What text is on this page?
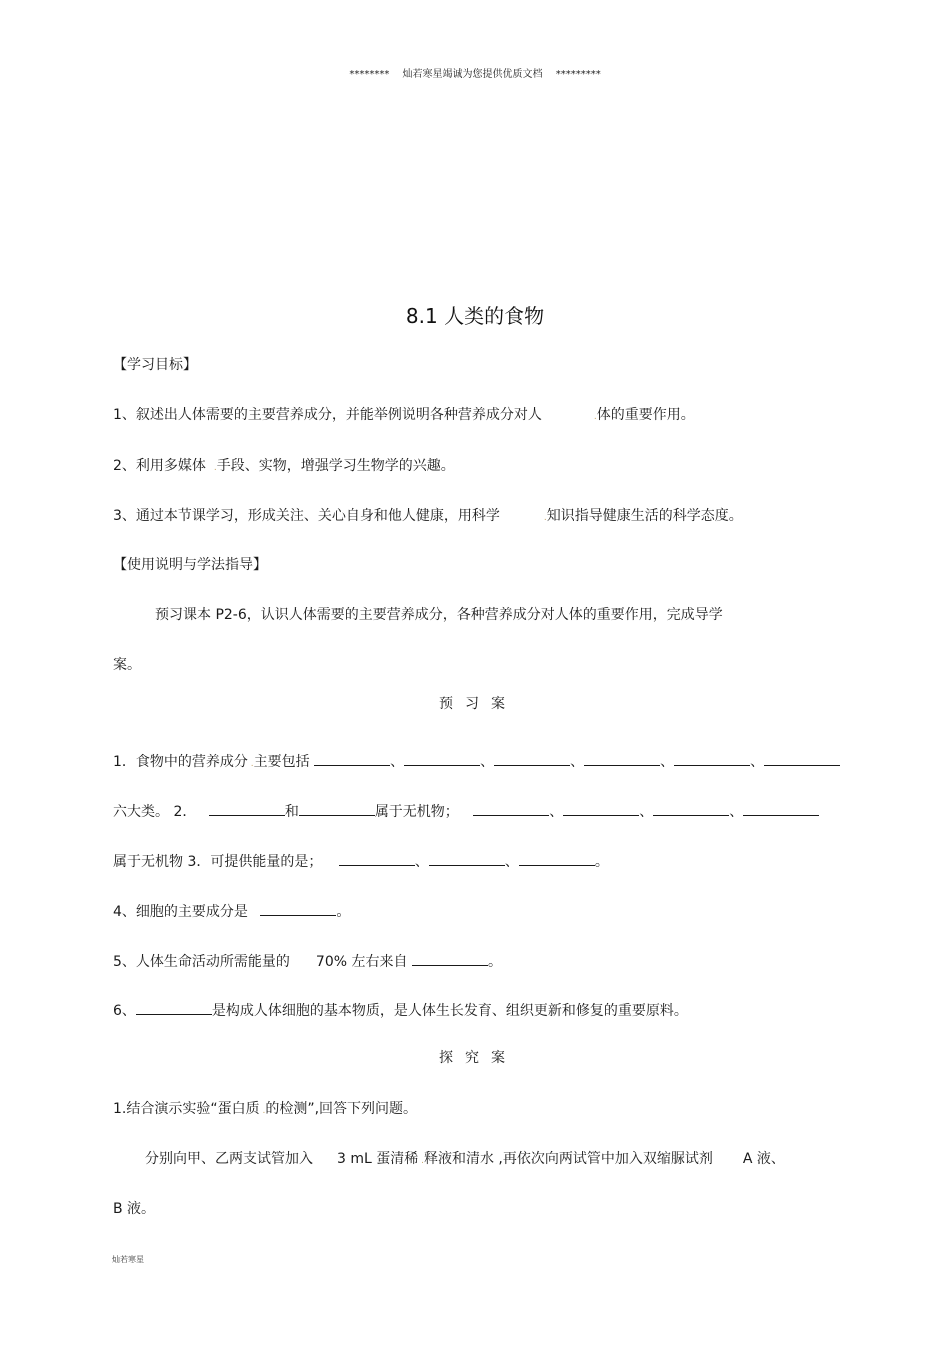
******** 灿若寒星竭诚为您提供优质文档 *********
8.1 人类的食物
【学习目标】
1、叙述出人体需要的主要营养成分，并能举例说明各种营养成分对人	.体的重要作用。
2、利用多媒体 .手段、实物，增强学习生物学的兴趣。
3、通过本节课学习，形成关注、关心自身和他人健康，用科学	.知识指导健康生活的科学态度。
【使用说明与学法指导】
预习课本 P2-6，认识人体需要的主要营养成分，各种营养成分对人体的重要作用，完成导学
案。
预习案
1．食物中的营养成分 .主要包括	、	、	、	、	、
六大类。 2．	和	属于无机物；	、	、	、
属于无机物 3．可提供能量的是；	、	、	。
4、细胞的主要成分是	。
5、人体生命活动所需能量的 70% 左右来自	。
6、	是构成人体细胞的基本物质，是人体生长发育、组织更新和修复的重要原料。
探究案
1.结合演示实验“蛋白质 .的检测”,回答下列问题。
分别向甲、乙两支试管加入 3 mL 蛋清稀 .释液和清水 ,再依次向两试管中加入双缩脲试剂 A 液、
B 液。
灿若寒星
